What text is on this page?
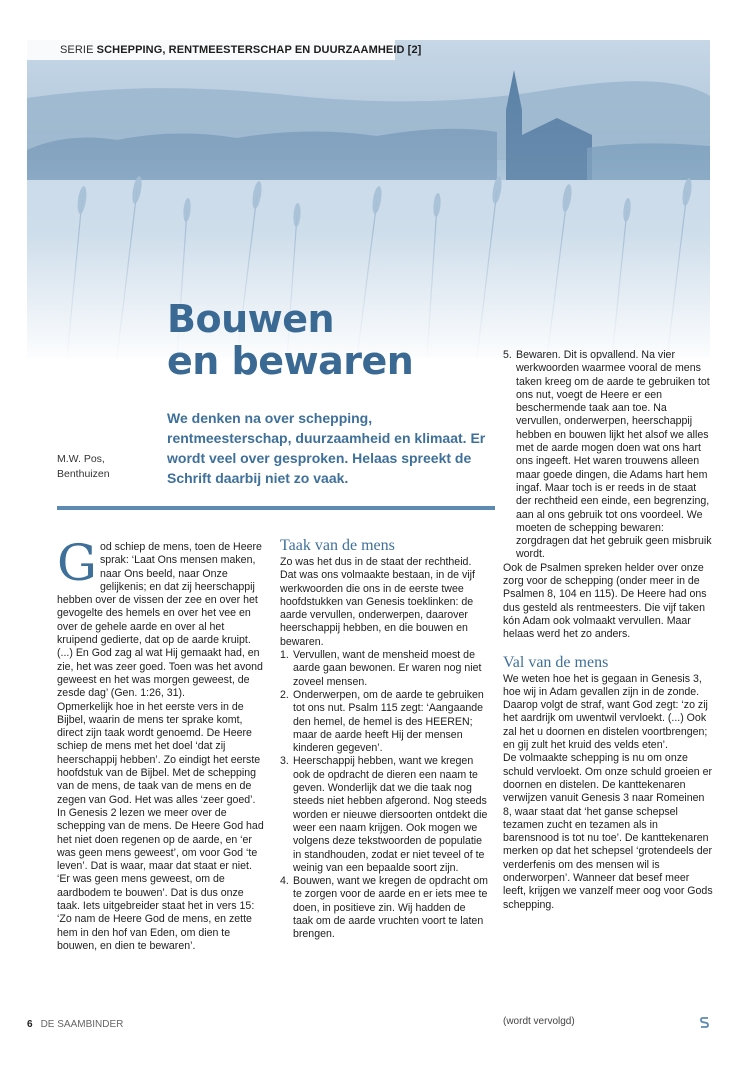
SERIE SCHEPPING, RENTMEESTERSCHAP EN DUURZAAMHEID [2]
Bouwen
en bewaren
M.W. Pos,
Benthuizen

We denken na over schepping, rentmeesterschap, duurzaamheid en klimaat. Er wordt veel over gesproken. Helaas spreekt de Schrift daarbij niet zo vaak.

God schiep de mens, toen de Heere sprak: ‘Laat Ons mensen maken, naar Ons beeld, naar Onze gelijkenis; en dat zij heerschappij hebben over de vissen der zee en over het gevogelte des hemels en over het vee en over de gehele aarde en over al het kruipend gedierte, dat op de aarde kruipt. (...) En God zag al wat Hij gemaakt had, en zie, het was zeer goed. Toen was het avond geweest en het was morgen geweest, de zesde dag’ (Gen. 1:26, 31).

Opmerkelijk hoe in het eerste vers in de Bijbel, waarin de mens ter sprake komt, direct zijn taak wordt genoemd. De Heere schiep de mens met het doel ‘dat zij heerschappij hebben’. Zo eindigt het eerste hoofdstuk van de Bijbel. Met de schepping van de mens, de taak van de mens en de zegen van God. Het was alles ‘zeer goed’.

In Genesis 2 lezen we meer over de schepping van de mens. De Heere God had het niet doen regenen op de aarde, en ‘er was geen mens geweest’, om voor God ‘te leven’. Dat is waar, maar dat staat er niet. ‘Er was geen mens geweest, om de aardbodem te bouwen’. Dat is dus onze taak. Iets uitgebreider staat het in vers 15: ‘Zo nam de Heere God de mens, en zette hem in den hof van Eden, om dien te bouwen, en dien te bewaren’.

Taak van de mens

Zo was het dus in de staat der rechtheid. Dat was ons volmaakte bestaan, in de vijf werkwoorden die ons in de eerste twee hoofdstukken van Genesis toeklinken: de aarde vervullen, onderwerpen, daarover heerschappij hebben, en die bouwen en bewaren.

1. Vervullen, want de mensheid moest de aarde gaan bewonen. Er waren nog niet zoveel mensen.
2. Onderwerpen, om de aarde te gebruiken tot ons nut. Psalm 115 zegt: ‘Aangaande den hemel, de hemel is des HEEREN; maar de aarde heeft Hij der mensen kinderen gegeven’.
3. Heerschappij hebben, want we kregen ook de opdracht de dieren een naam te geven. Wonderlijk dat we die taak nog steeds niet hebben afgerond. Nog steeds worden er nieuwe diersoorten ontdekt die weer een naam krijgen. Ook mogen we volgens deze tekstwoorden de populatie in standhouden, zodat er niet teveel of te weinig van een bepaalde soort zijn.
4. Bouwen, want we kregen de opdracht om te zorgen voor de aarde en er iets mee te doen, in positieve zin. Wij hadden de taak om de aarde vruchten voort te laten brengen.
5. Bewaren. Dit is opvallend. Na vier werkwoorden waarmee vooral de mens taken kreeg om de aarde te gebruiken tot ons nut, voegt de Heere er een beschermende taak aan toe. Na vervullen, onderwerpen, heerschappij hebben en bouwen lijkt het alsof we alles met de aarde mogen doen wat ons hart ons ingeeft. Het waren trouwens alleen maar goede dingen, die Adams hart hem ingaf. Maar toch is er reeds in de staat der rechtheid een einde, een begrenzing, aan al ons gebruik tot ons voordeel. We moeten de schepping bewaren: zorgdragen dat het gebruik geen misbruik wordt.

Ook de Psalmen spreken helder over onze zorg voor de schepping (onder meer in de Psalmen 8, 104 en 115). De Heere had ons dus gesteld als rentmeesters. Die vijf taken kón Adam ook volmaakt vervullen. Maar helaas werd het zo anders.

Val van de mens

We weten hoe het is gegaan in Genesis 3, hoe wij in Adam gevallen zijn in de zonde. Daarop volgt de straf, want God zegt: ‘zo zij het aardrijk om uwentwil vervloekt. (...) Ook zal het u doornen en distelen voortbrengen; en gij zult het kruid des velds eten’.

De volmaakte schepping is nu om onze schuld vervloekt. Om onze schuld groeien er doornen en distelen. De kanttekenaren verwijzen vanuit Genesis 3 naar Romeinen 8, waar staat dat ‘het ganse schepsel tezamen zucht en tezamen als in barensnood is tot nu toe’. De kanttekenaren merken op dat het schepsel ‘grotendeels der verderfenis om des mensen wil is onderworpen’. Wanneer dat besef meer leeft, krijgen we vanzelf meer oog voor Gods schepping.

(wordt vervolgd)
6 DE SAAMBINDER
